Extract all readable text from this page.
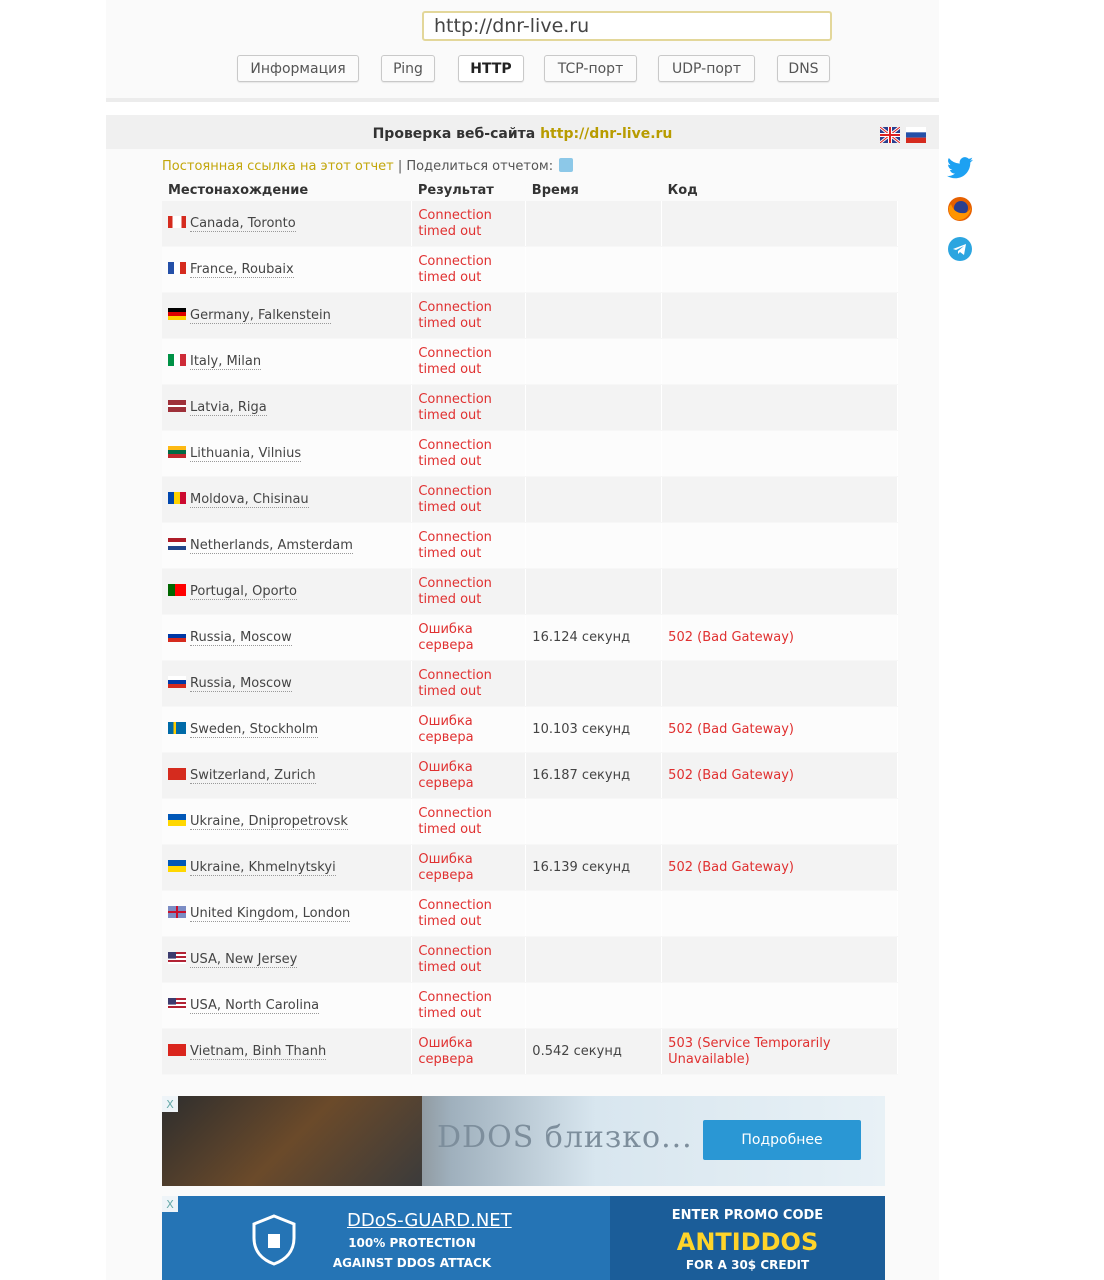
http://dnr-live.ru
Информация	Ping	HTTP	TCP-порт	UDP-порт	DNS
Проверка веб-сайта http://dnr-live.ru
Постоянная ссылка на этот отчет | Поделиться отчетом:
Местонахождение	Результат	Время	Код
Canada, Toronto	Connection timed out		
France, Roubaix	Connection timed out		
Germany, Falkenstein	Connection timed out		
Italy, Milan	Connection timed out		
Latvia, Riga	Connection timed out		
Lithuania, Vilnius	Connection timed out		
Moldova, Chisinau	Connection timed out		
Netherlands, Amsterdam	Connection timed out		
Portugal, Oporto	Connection timed out		
Russia, Moscow	Ошибка сервера	16.124 секунд	502 (Bad Gateway)
Russia, Moscow	Connection timed out		
Sweden, Stockholm	Ошибка сервера	10.103 секунд	502 (Bad Gateway)
Switzerland, Zurich	Ошибка сервера	16.187 секунд	502 (Bad Gateway)
Ukraine, Dnipropetrovsk	Connection timed out		
Ukraine, Khmelnytskyi	Ошибка сервера	16.139 секунд	502 (Bad Gateway)
United Kingdom, London	Connection timed out		
USA, New Jersey	Connection timed out		
USA, North Carolina	Connection timed out		
Vietnam, Binh Thanh	Ошибка сервера	0.542 секунд	503 (Service Temporarily Unavailable)
X
DDOS близко...	Подробнее
X
DDoS-GUARD.NET
100% PROTECTION AGAINST DDOS ATTACK
ENTER PROMO CODE
ANTIDDOS
FOR A 30$ CREDIT
